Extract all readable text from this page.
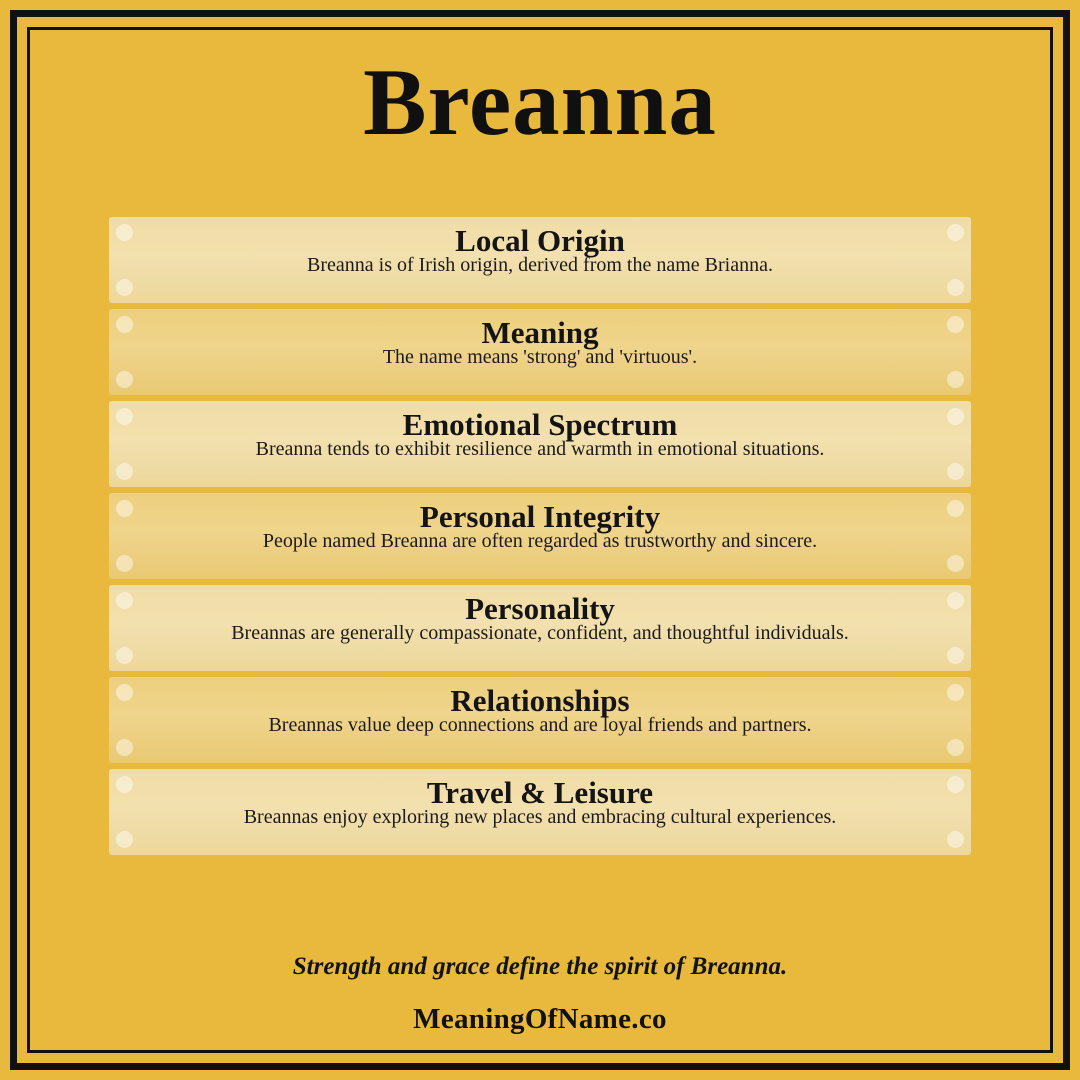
Breanna
Local Origin
Breanna is of Irish origin, derived from the name Brianna.
Meaning
The name means 'strong' and 'virtuous'.
Emotional Spectrum
Breanna tends to exhibit resilience and warmth in emotional situations.
Personal Integrity
People named Breanna are often regarded as trustworthy and sincere.
Personality
Breannas are generally compassionate, confident, and thoughtful individuals.
Relationships
Breannas value deep connections and are loyal friends and partners.
Travel & Leisure
Breannas enjoy exploring new places and embracing cultural experiences.
Strength and grace define the spirit of Breanna.
MeaningOfName.co
